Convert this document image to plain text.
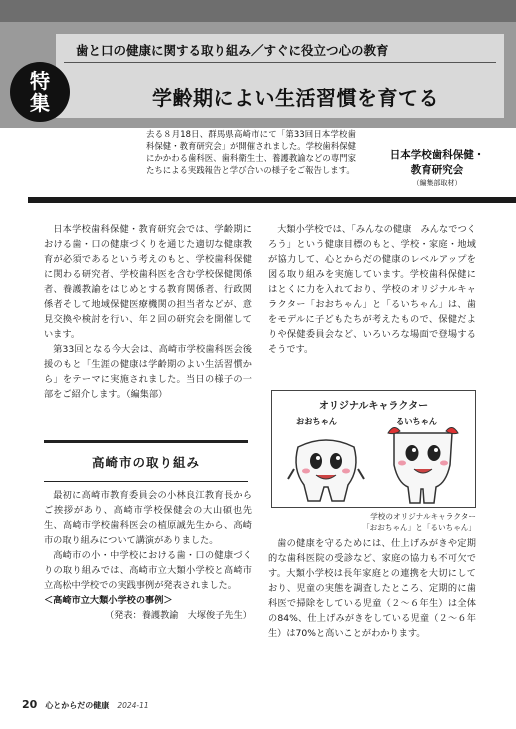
歯と口の健康に関する取り組み／すぐに役立つ心の教育
学齢期によい生活習慣を育てる
特
集
去る８月18日、群馬県高崎市にて「第33回日本学校歯科保健・教育研究会」が開催されました。学校歯科保健にかかわる歯科医、歯科衛生士、養護教諭などの専門家たちによる実践報告と学び合いの様子をご報告します。
日本学校歯科保健・
教育研究会
（編集部取材）

日本学校歯科保健・教育研究会では、学齢期における歯・口の健康づくりを通じた適切な健康教育が必須であるという考えのもと、学校歯科保健に関わる研究者、学校歯科医を含む学校保健関係者、養護教諭をはじめとする教育関係者、行政関係者そして地域保健医療機関の担当者などが、意見交換や検討を行い、年２回の研究会を開催しています。

第33回となる今大会は、高崎市学校歯科医会後援のもと「生涯の健康は学齢期のよい生活習慣から」をテーマに実施されました。当日の様子の一部をご紹介します。（編集部）

高崎市の取り組み

最初に高崎市教育委員会の小林良江教育長からご挨拶があり、高崎市学校保健会の大山碩也先生、高崎市学校歯科医会の植原誠先生から、高崎市の取り組みについて講演がありました。

高崎市の小・中学校における歯・口の健康づくりの取り組みでは、高崎市立大類小学校と高崎市立高松中学校での実践事例が発表されました。

＜高崎市立大類小学校の事例＞

（発表：養護教諭　大塚俊子先生）

大類小学校では、「みんなの健康　みんなでつくろう」という健康目標のもと、学校・家庭・地域が協力して、心とからだの健康のレベルアップを図る取り組みを実施しています。学校歯科保健にはとくに力を入れており、学校のオリジナルキャラクター「おおちゃん」と「るいちゃん」は、歯をモデルに子どもたちが考えたもので、保健だよりや保健委員会など、いろいろな場面で登場するそうです。

オリジナルキャラクター
おおちゃん	るいちゃん
学校のオリジナルキャラクター
「おおちゃん」と「るいちゃん」

歯の健康を守るためには、仕上げみがきや定期的な歯科医院の受診など、家庭の協力も不可欠です。大類小学校は長年家庭との連携を大切にしており、児童の実態を調査したところ、定期的に歯科医で掃除をしている児童（２〜６年生）は全体の84%、仕上げみがきをしている児童（２〜６年生）は70%と高いことがわかります。

20 心とからだの健康 2024-11
